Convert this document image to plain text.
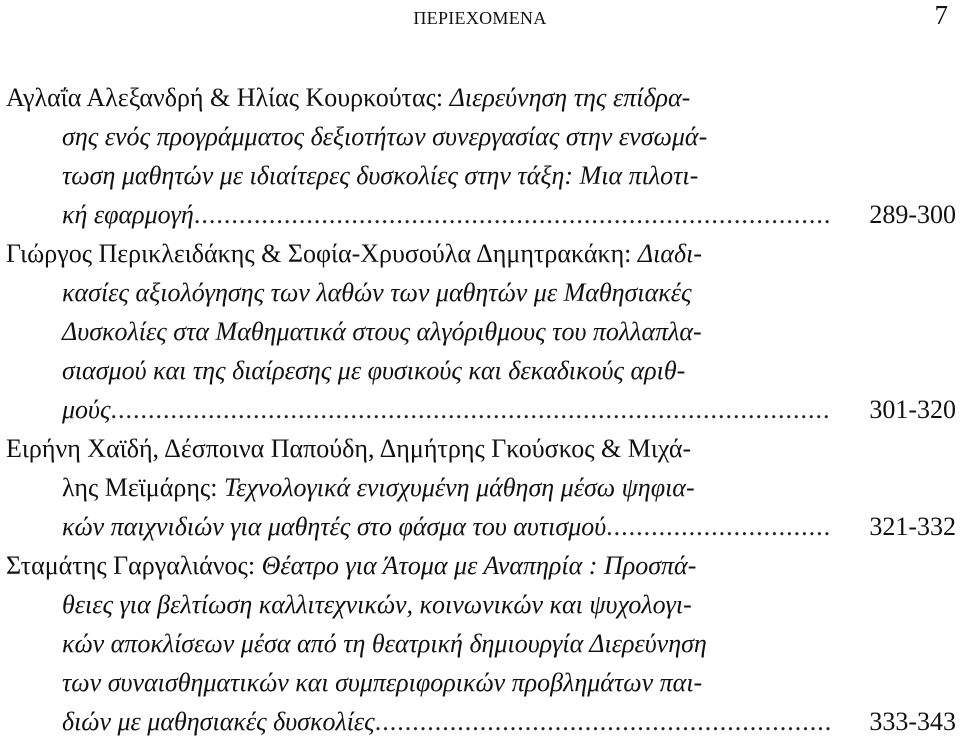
ΠΕΡΙΕΧΟΜΕΝΑ	7
Αγλαΐα Αλεξανδρή & Ηλίας Κουρκούτας: Διερεύνηση της επίδρα-
σης ενός προγράμματος δεξιοτήτων συνεργασίας στην ενσωμά-
τωση μαθητών με ιδιαίτερες δυσκολίες στην τάξη: Μια πιλοτι-
κή εφαρμογή .....	289-300
Γιώργος Περικλειδάκης & Σοφία-Χρυσούλα Δημητρακάκη: Διαδι-
κασίες αξιολόγησης των λαθών των μαθητών με Μαθησιακές
Δυσκολίες στα Μαθηματικά στους αλγόριθμους του πολλαπλα-
σιασμού και της διαίρεσης με φυσικούς και δεκαδικούς αριθ-
μούς .....	301-320
Ειρήνη Χαϊδή, Δέσποινα Παπούδη, Δημήτρης Γκούσκος & Μιχά-
λης Μεϊμάρης: Τεχνολογικά ενισχυμένη μάθηση μέσω ψηφια-
κών παιχνιδιών για μαθητές στο φάσμα του αυτισμού .....	321-332
Σταμάτης Γαργαλιάνος: Θέατρο για Άτομα με Αναπηρία : Προσπά-
θειες για βελτίωση καλλιτεχνικών, κοινωνικών και ψυχολογι-
κών αποκλίσεων μέσα από τη θεατρική δημιουργία Διερεύνηση
των συναισθηματικών και συμπεριφορικών προβλημάτων παι-
διών με μαθησιακές δυσκολίες .....	333-343
